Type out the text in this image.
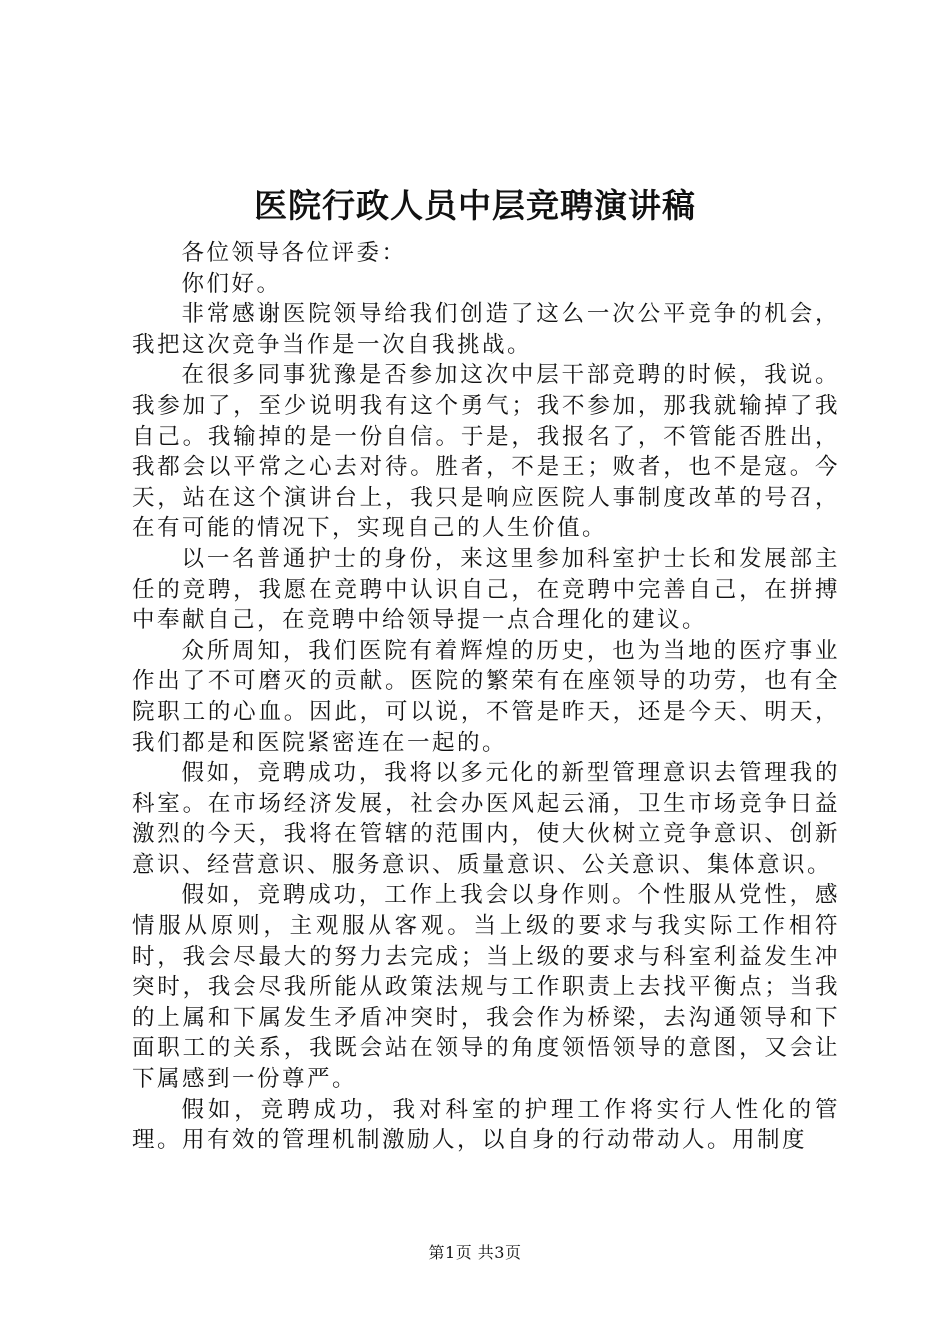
医院行政人员中层竞聘演讲稿

各位领导各位评委：

你们好。

非常感谢医院领导给我们创造了这么一次公平竞争的机会，我把这次竞争当作是一次自我挑战。

在很多同事犹豫是否参加这次中层干部竞聘的时候，我说。我参加了，至少说明我有这个勇气；我不参加，那我就输掉了我自己。我输掉的是一份自信。于是，我报名了，不管能否胜出，我都会以平常之心去对待。胜者，不是王；败者，也不是寇。今天，站在这个演讲台上，我只是响应医院人事制度改革的号召，在有可能的情况下，实现自己的人生价值。

以一名普通护士的身份，来这里参加科室护士长和发展部主任的竞聘，我愿在竞聘中认识自己，在竞聘中完善自己，在拼搏中奉献自己，在竞聘中给领导提一点合理化的建议。

众所周知，我们医院有着辉煌的历史，也为当地的医疗事业作出了不可磨灭的贡献。医院的繁荣有在座领导的功劳，也有全院职工的心血。因此，可以说，不管是昨天，还是今天、明天，我们都是和医院紧密连在一起的。

假如，竞聘成功，我将以多元化的新型管理意识去管理我的科室。在市场经济发展，社会办医风起云涌，卫生市场竞争日益激烈的今天，我将在管辖的范围内，使大伙树立竞争意识、创新意识、经营意识、服务意识、质量意识、公关意识、集体意识。

假如，竞聘成功，工作上我会以身作则。个性服从党性，感情服从原则，主观服从客观。当上级的要求与我实际工作相符时，我会尽最大的努力去完成；当上级的要求与科室利益发生冲突时，我会尽我所能从政策法规与工作职责上去找平衡点；当我的上属和下属发生矛盾冲突时，我会作为桥梁，去沟通领导和下面职工的关系，我既会站在领导的角度领悟领导的意图，又会让下属感到一份尊严。

假如，竞聘成功，我对科室的护理工作将实行人性化的管理。用有效的管理机制激励人，以自身的行动带动人。用制度

第1页 共3页
